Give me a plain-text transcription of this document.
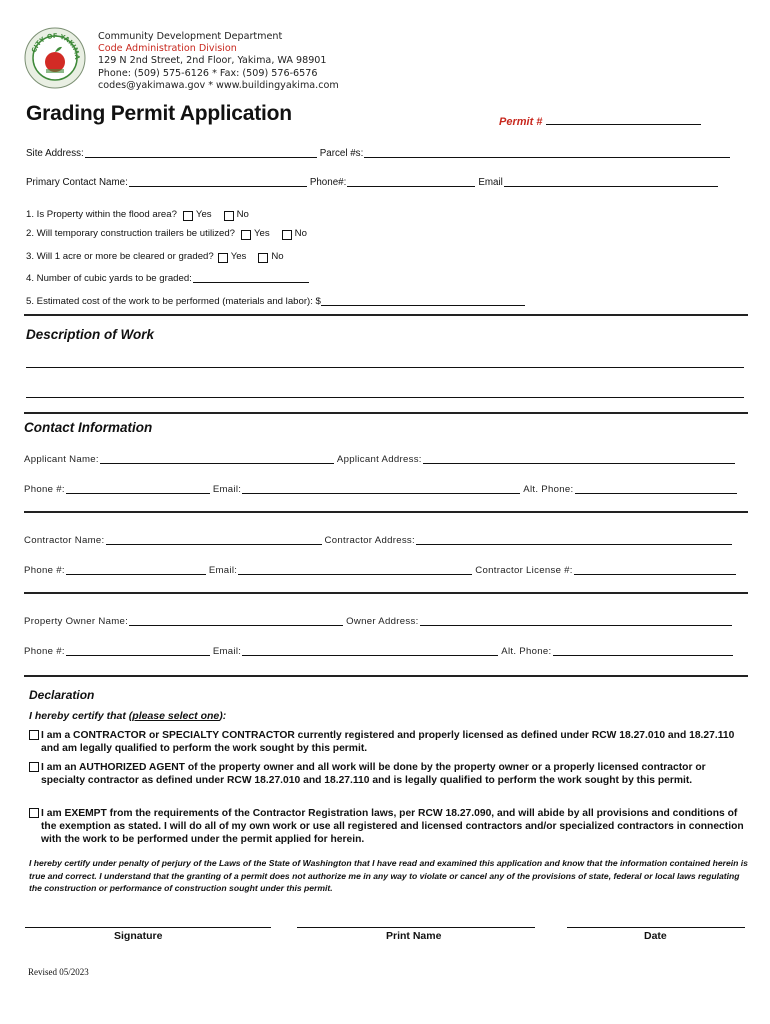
CITY OF YAKIMA
Community Development Department
Code Administration Division
129 N 2nd Street, 2nd Floor, Yakima, WA 98901
Phone: (509) 575-6126 * Fax: (509) 576-6576
codes@yakimawa.gov * www.buildingyakima.com
Grading Permit Application	Permit #
Site Address:	Parcel #s:
Primary Contact Name:	Phone#:	Email
1. Is Property within the flood area? Yes	No
2. Will temporary construction trailers be utilized? Yes	No
3. Will 1 acre or more be cleared or graded? Yes	No
4. Number of cubic yards to be graded:
5. Estimated cost of the work to be performed (materials and labor): $
Description of Work
Contact Information
Applicant Name:	Applicant Address:
Phone #:	Email:	Alt. Phone:
Contractor Name:	Contractor Address:
Phone #:	Email:	Contractor License #:
Property Owner Name:	Owner Address:
Phone #:	Email:	Alt. Phone:
Declaration
I hereby certify that (please select one):
I am a CONTRACTOR or SPECIALTY CONTRACTOR currently registered and properly licensed as defined under RCW 18.27.010 and 18.27.110 and am legally qualified to perform the work sought by this permit.
I am an AUTHORIZED AGENT of the property owner and all work will be done by the property owner or a properly licensed contractor or specialty contractor as defined under RCW 18.27.010 and 18.27.110 and is legally qualified to perform the work sought by this permit.
I am EXEMPT from the requirements of the Contractor Registration laws, per RCW 18.27.090, and will abide by all provisions and conditions of the exemption as stated. I will do all of my own work or use all registered and licensed contractors and/or specialized contractors in connection with the work to be performed under the permit applied for herein.
I hereby certify under penalty of perjury of the Laws of the State of Washington that I have read and examined this application and know that the information contained herein is true and correct. I understand that the granting of a permit does not authorize me in any way to violate or cancel any of the provisions of state, federal or local laws regulating the construction or performance of construction sought under this permit.
Signature	Print Name	Date
Revised 05/2023
